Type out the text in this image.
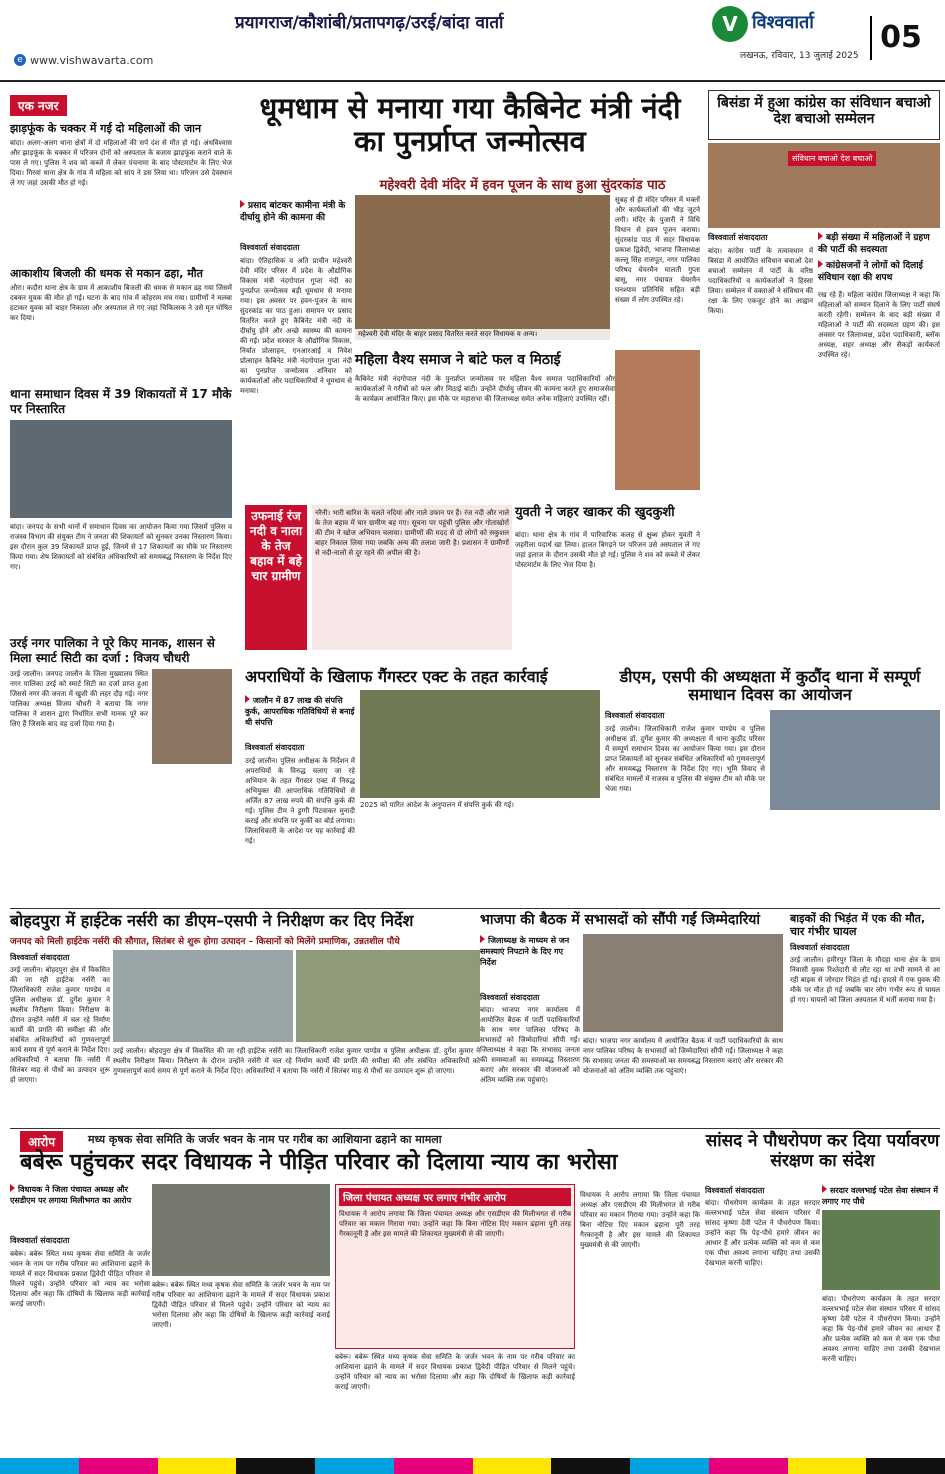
प्रयागराज/कौशांबी/प्रतापगढ़/उरई/बांदा वार्ता	V विश्ववार्ता
लखनऊ, रविवार, 13 जुलाई 2025
05
e www.vishwavarta.com
एक नजर
झाड़फूंक के चक्कर में गई दो महिलाओं की जान
बांदा। अलग-अलग थाना क्षेत्रों में दो महिलाओं की सर्प दंश से मौत हो गई। अंधविश्वास और झाड़फूंक के चक्कर में परिजन दोनों को अस्पताल के बजाय झाड़फूंक कराने वाले के पास ले गए। पुलिस ने शव को कब्जे में लेकर पंचनामा के बाद पोस्टमार्टम के लिए भेज दिया। गिरवां थाना क्षेत्र के गांव में महिला को सांप ने डस लिया था। परिजन उसे देवस्थान ले गए जहां उसकी मौत हो गई।
आकाशीय बिजली की धमक से मकान ढहा, मौत
औरा। कदौरा थाना क्षेत्र के ग्राम में आकाशीय बिजली की धमक से मकान ढह गया जिसमें दबकर युवक की मौत हो गई। घटना के बाद गांव में कोहराम मच गया। ग्रामीणों ने मलबा हटाकर युवक को बाहर निकाला और अस्पताल ले गए जहां चिकित्सक ने उसे मृत घोषित कर दिया।
थाना समाधान दिवस में 39 शिकायतों में 17 मौके पर निस्तारित
बांदा। जनपद के सभी थानों में समाधान दिवस का आयोजन किया गया जिसमें पुलिस व राजस्व विभाग की संयुक्त टीम ने जनता की शिकायतों को सुनकर उनका निस्तारण किया। इस दौरान कुल 39 शिकायतें प्राप्त हुईं, जिनमें से 17 शिकायतों का मौके पर निस्तारण किया गया। शेष शिकायतों को संबंधित अधिकारियों को समयबद्ध निस्तारण के निर्देश दिए गए।
उरई नगर पालिका ने पूरे किए मानक, शासन से मिला स्मार्ट सिटी का दर्जा : विजय चौधरी
उरई जालौन। जनपद जालौन के जिला मुख्यालय स्थित नगर पालिका उरई को स्मार्ट सिटी का दर्जा प्राप्त हुआ जिससे नगर की जनता में खुशी की लहर दौड़ गई। नगर पालिका अध्यक्ष विजय चौधरी ने बताया कि नगर पालिका ने शासन द्वारा निर्धारित सभी मानक पूरे कर लिए हैं जिसके बाद यह दर्जा दिया गया है।
धूमधाम से मनाया गया कैबिनेट मंत्री नंदी का पुनर्प्राप्त जन्मोत्सव
महेश्वरी देवी मंदिर में हवन पूजन के साथ हुआ सुंदरकांड पाठ
प्रसाद बांटकर कामीना मंत्री के दीर्घायु होने की कामना की
महेश्वरी देवी मंदिर के बाहर प्रसाद वितरित करते सदर विधायक व अन्य।
विश्ववार्ता संवाददाता
बांदा। ऐतिहासिक व अति प्राचीन महेश्वरी देवी मंदिर परिसर में प्रदेश के औद्योगिक विकास मंत्री नंदगोपाल गुप्ता नंदी का पुनर्प्राप्त जन्मोत्सव बड़ी धूमधाम से मनाया गया। इस अवसर पर हवन-पूजन के साथ सुंदरकांड का पाठ हुआ। समापन पर प्रसाद वितरित करते हुए कैबिनेट मंत्री नंदी के दीर्घायु होने और अच्छे स्वास्थ्य की कामना की गई। प्रदेश सरकार के औद्योगिक विकास, निर्यात प्रोत्साहन, एनआरआई व निवेश प्रोत्साहन कैबिनेट मंत्री नंदगोपाल गुप्ता नंदी का पुनर्प्राप्त जन्मोत्सव शनिवार को कार्यकर्ताओं और पदाधिकारियों ने धूमधाम से मनाया।
सुबह से ही मंदिर परिसर में भक्तों और कार्यकर्ताओं की भीड़ जुटने लगी। मंदिर के पुजारी ने विधि विधान से हवन पूजन कराया। सुंदरकांड पाठ में सदर विधायक प्रकाश द्विवेदी, भाजपा जिलाध्यक्ष कल्लू सिंह राजपूत, नगर पालिका परिषद चेयरमैन मालती गुप्ता बासू, नगर पंचायत चेयरमैन घनश्याम प्रतिनिधि सहित बड़ी संख्या में लोग उपस्थित रहे।
महिला वैश्य समाज ने बांटे फल व मिठाई
कैबिनेट मंत्री नंदगोपाल नंदी के पुनर्प्राप्त जन्मोत्सव पर महिला वैश्य समाज पदाधिकारियों और कार्यकर्ताओं ने गरीबों को फल और मिठाई बांटी। उन्होंने दीर्घायु जीवन की कामना करते हुए समाजसेवा के कार्यक्रम आयोजित किए। इस मौके पर महासभा की जिलाध्यक्ष समेत अनेक महिलाएं उपस्थित रहीं।
उफनाई रंज नदी व नाला के तेज बहाव में बहे चार ग्रामीण
नरैनी। भारी बारिश के चलते नदियां और नाले उफान पर हैं। रंज नदी और नाले के तेज बहाव में चार ग्रामीण बह गए। सूचना पर पहुंची पुलिस और गोताखोरों की टीम ने खोज अभियान चलाया। ग्रामीणों की मदद से दो लोगों को सकुशल बाहर निकाल लिया गया जबकि अन्य की तलाश जारी है। प्रशासन ने ग्रामीणों से नदी-नालों से दूर रहने की अपील की है।
युवती ने जहर खाकर की खुदकुशी
बांदा। थाना क्षेत्र के गांव में पारिवारिक कलह से क्षुब्ध होकर युवती ने जहरीला पदार्थ खा लिया। हालत बिगड़ने पर परिजन उसे अस्पताल ले गए जहां इलाज के दौरान उसकी मौत हो गई। पुलिस ने शव को कब्जे में लेकर पोस्टमार्टम के लिए भेज दिया है।
बिसंडा में हुआ कांग्रेस का संविधान बचाओ देश बचाओ सम्मेलन
संविधान बचाओ देश बचाओ
विश्ववार्ता संवाददाता
बांदा। कांग्रेस पार्टी के तत्वावधान में बिसंडा में आयोजित संविधान बचाओ देश बचाओ सम्मेलन में पार्टी के वरिष्ठ पदाधिकारियों व कार्यकर्ताओं ने हिस्सा लिया। सम्मेलन में वक्ताओं ने संविधान की रक्षा के लिए एकजुट होने का आह्वान किया।
बड़ी संख्या में महिलाओं ने ग्रहण की पार्टी की सदस्यता
कांग्रेसजनों ने लोगों को दिलाई संविधान रक्षा की शपथ
रख रहे हैं। महिला कांग्रेस जिलाध्यक्ष ने कहा कि महिलाओं को सम्मान दिलाने के लिए पार्टी संघर्ष करती रहेगी। सम्मेलन के बाद बड़ी संख्या में महिलाओं ने पार्टी की सदस्यता ग्रहण की। इस अवसर पर जिलाध्यक्ष, प्रदेश पदाधिकारी, ब्लॉक अध्यक्ष, शहर अध्यक्ष और सैकड़ों कार्यकर्ता उपस्थित रहे।
अपराधियों के खिलाफ गैंगस्टर एक्ट के तहत कार्रवाई
जालौन में 87 लाख की संपत्ति कुर्क, आपराधिक गतिविधियों से बनाई थी संपत्ति
विश्ववार्ता संवाददाता
उरई जालौन। पुलिस अधीक्षक के निर्देशन में अपराधियों के विरुद्ध चलाए जा रहे अभियान के तहत गैंगस्टर एक्ट में निरुद्ध अभियुक्त की आपराधिक गतिविधियों से अर्जित 87 लाख रुपये की संपत्ति कुर्क की गई। पुलिस टीम ने डुग्गी पिटवाकर मुनादी कराई और संपत्ति पर कुर्की का बोर्ड लगाया। जिलाधिकारी के आदेश पर यह कार्रवाई की गई।
2025 को पारित आदेश के अनुपालन में संपत्ति कुर्क की गई।
डीएम, एसपी की अध्यक्षता में कुठौंद थाना में सम्पूर्ण समाधान दिवस का आयोजन
विश्ववार्ता संवाददाता
उरई जालौन। जिलाधिकारी राजेश कुमार पाण्डेय व पुलिस अधीक्षक डॉ. दुर्गेश कुमार की अध्यक्षता में थाना कुठौंद परिसर में सम्पूर्ण समाधान दिवस का आयोजन किया गया। इस दौरान प्राप्त शिकायतों को सुनकर संबंधित अधिकारियों को गुणवत्तापूर्ण और समयबद्ध निस्तारण के निर्देश दिए गए। भूमि विवाद से संबंधित मामलों में राजस्व व पुलिस की संयुक्त टीम को मौके पर भेजा गया।
बोहदपुरा में हाईटेक नर्सरी का डीएम–एसपी ने निरीक्षण कर दिए निर्देश
जनपद को मिली हाईटेक नर्सरी की सौगात, सितंबर से शुरू होगा उत्पादन – किसानों को मिलेंगे प्रमाणिक, उन्नतशील पौधे
विश्ववार्ता संवाददाता
उरई जालौन। बोहदपुरा क्षेत्र में विकसित की जा रही हाईटेक नर्सरी का जिलाधिकारी राजेश कुमार पाण्डेय व पुलिस अधीक्षक डॉ. दुर्गेश कुमार ने स्थलीय निरीक्षण किया। निरीक्षण के दौरान उन्होंने नर्सरी में चल रहे निर्माण कार्यों की प्रगति की समीक्षा की और संबंधित अधिकारियों को गुणवत्तापूर्ण कार्य समय से पूर्ण कराने के निर्देश दिए। अधिकारियों ने बताया कि नर्सरी में सितंबर माह से पौधों का उत्पादन शुरू हो जाएगा।
उरई जालौन। बोहदपुरा क्षेत्र में विकसित की जा रही हाईटेक नर्सरी का जिलाधिकारी राजेश कुमार पाण्डेय व पुलिस अधीक्षक डॉ. दुर्गेश कुमार ने स्थलीय निरीक्षण किया। निरीक्षण के दौरान उन्होंने नर्सरी में चल रहे निर्माण कार्यों की प्रगति की समीक्षा की और संबंधित अधिकारियों को गुणवत्तापूर्ण कार्य समय से पूर्ण कराने के निर्देश दिए। अधिकारियों ने बताया कि नर्सरी में सितंबर माह से पौधों का उत्पादन शुरू हो जाएगा।
भाजपा की बैठक में सभासदों को सौंपी गईं जिम्मेदारियां
जिलाध्यक्ष के माध्यम से जन समस्याएं निपटाने के दिए गए निर्देश
विश्ववार्ता संवाददाता
बांदा। भाजपा नगर कार्यालय में आयोजित बैठक में पार्टी पदाधिकारियों के साथ नगर पालिका परिषद के सभासदों को जिम्मेदारियां सौंपी गईं। जिलाध्यक्ष ने कहा कि सभासद जनता की समस्याओं का समयबद्ध निस्तारण कराएं और सरकार की योजनाओं को अंतिम व्यक्ति तक पहुंचाएं।
बांदा। भाजपा नगर कार्यालय में आयोजित बैठक में पार्टी पदाधिकारियों के साथ नगर पालिका परिषद के सभासदों को जिम्मेदारियां सौंपी गईं। जिलाध्यक्ष ने कहा कि सभासद जनता की समस्याओं का समयबद्ध निस्तारण कराएं और सरकार की योजनाओं को अंतिम व्यक्ति तक पहुंचाएं।
बाइकों की भिड़ंत में एक की मौत, चार गंभीर घायल
विश्ववार्ता संवाददाता
उरई जालौन। हमीरपुर जिला के मौदहा थाना क्षेत्र के ग्राम निवासी युवक रिश्तेदारी से लौट रहा था तभी सामने से आ रही बाइक से जोरदार भिड़ंत हो गई। हादसे में एक युवक की मौके पर मौत हो गई जबकि चार लोग गंभीर रूप से घायल हो गए। घायलों को जिला अस्पताल में भर्ती कराया गया है।
आरोप	मध्य कृषक सेवा समिति के जर्जर भवन के नाम पर गरीब का आशियाना ढहाने का मामला
बबेरू पहुंचकर सदर विधायक ने पीड़ित परिवार को दिलाया न्याय का भरोसा
विधायक ने जिला पंचायत अध्यक्ष और एसडीएम पर लगाया मिलीभगत का आरोप
विश्ववार्ता संवाददाता
बबेरू। बबेरू स्थित मध्य कृषक सेवा समिति के जर्जर भवन के नाम पर गरीब परिवार का आशियाना ढहाने के मामले में सदर विधायक प्रकाश द्विवेदी पीड़ित परिवार से मिलने पहुंचे। उन्होंने परिवार को न्याय का भरोसा दिलाया और कहा कि दोषियों के खिलाफ कड़ी कार्रवाई कराई जाएगी।
बबेरू। बबेरू स्थित मध्य कृषक सेवा समिति के जर्जर भवन के नाम पर गरीब परिवार का आशियाना ढहाने के मामले में सदर विधायक प्रकाश द्विवेदी पीड़ित परिवार से मिलने पहुंचे। उन्होंने परिवार को न्याय का भरोसा दिलाया और कहा कि दोषियों के खिलाफ कड़ी कार्रवाई कराई जाएगी।
जिला पंचायत अध्यक्ष पर लगाए गंभीर आरोप
विधायक ने आरोप लगाया कि जिला पंचायत अध्यक्ष और एसडीएम की मिलीभगत से गरीब परिवार का मकान गिराया गया। उन्होंने कहा कि बिना नोटिस दिए मकान ढहाना पूरी तरह गैरकानूनी है और इस मामले की शिकायत मुख्यमंत्री से की जाएगी।
बबेरू। बबेरू स्थित मध्य कृषक सेवा समिति के जर्जर भवन के नाम पर गरीब परिवार का आशियाना ढहाने के मामले में सदर विधायक प्रकाश द्विवेदी पीड़ित परिवार से मिलने पहुंचे। उन्होंने परिवार को न्याय का भरोसा दिलाया और कहा कि दोषियों के खिलाफ कड़ी कार्रवाई कराई जाएगी।
विधायक ने आरोप लगाया कि जिला पंचायत अध्यक्ष और एसडीएम की मिलीभगत से गरीब परिवार का मकान गिराया गया। उन्होंने कहा कि बिना नोटिस दिए मकान ढहाना पूरी तरह गैरकानूनी है और इस मामले की शिकायत मुख्यमंत्री से की जाएगी।
सांसद ने पौधरोपण कर दिया पर्यावरण संरक्षण का संदेश
विश्ववार्ता संवाददाता
बांदा। पौधरोपण कार्यक्रम के तहत सरदार वल्लभभाई पटेल सेवा संस्थान परिसर में सांसद कृष्णा देवी पटेल ने पौधरोपण किया। उन्होंने कहा कि पेड़-पौधे हमारे जीवन का आधार हैं और प्रत्येक व्यक्ति को कम से कम एक पौधा अवश्य लगाना चाहिए तथा उसकी देखभाल करनी चाहिए।
सरदार वल्लभाई पटेल सेवा संस्थान में लगाए गए पौधे
बांदा। पौधरोपण कार्यक्रम के तहत सरदार वल्लभभाई पटेल सेवा संस्थान परिसर में सांसद कृष्णा देवी पटेल ने पौधरोपण किया। उन्होंने कहा कि पेड़-पौधे हमारे जीवन का आधार हैं और प्रत्येक व्यक्ति को कम से कम एक पौधा अवश्य लगाना चाहिए तथा उसकी देखभाल करनी चाहिए।
